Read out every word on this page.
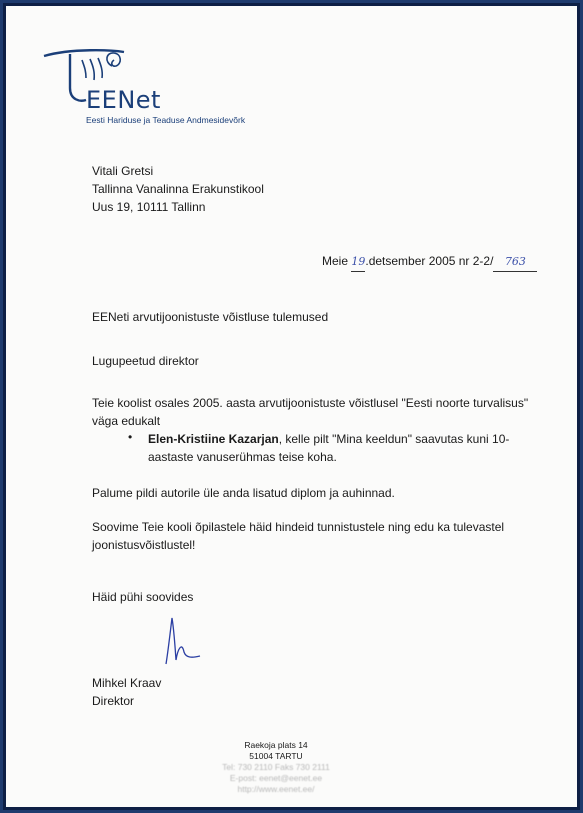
EENet
Eesti Hariduse ja Teaduse Andmesidevõrk
Vitali Gretsi
Tallinna Vanalinna Erakunstikool
Uus 19, 10111 Tallinn
Meie 19.detsember 2005 nr 2-2/ 763
EENeti arvutijoonistuste võistluse tulemused
Lugupeetud direktor
Teie koolist osales 2005. aasta arvutijoonistuste võistlusel "Eesti noorte turvalisus" väga edukalt
• Elen-Kristiine Kazarjan, kelle pilt "Mina keeldun" saavutas kuni 10- aastaste vanuserühmas teise koha.
Palume pildi autorile üle anda lisatud diplom ja auhinnad.
Soovime Teie kooli õpilastele häid hindeid tunnistustele ning edu ka tulevastel joonistusvõistlustel!
Häid pühi soovides
Mihkel Kraav
Direktor
Raekoja plats 14
51004 TARTU
Tel: 730 2110 Faks 730 2111
E-post: eenet@eenet.ee
http://www.eenet.ee/
